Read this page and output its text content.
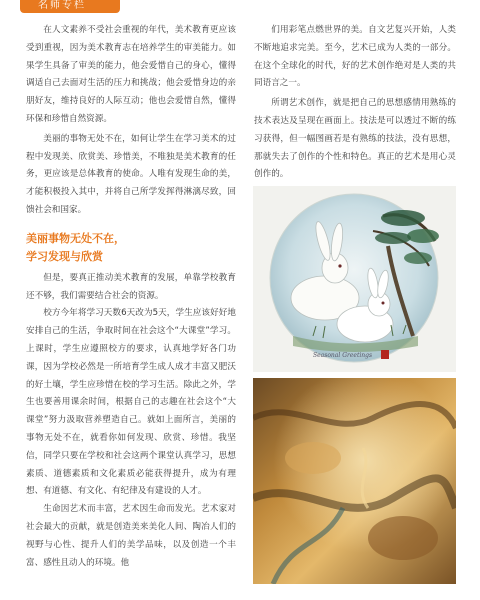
名师专栏

在人文素养不受社会重视的年代，美术教育更应该受到重视，因为美术教育志在培养学生的审美能力。如果学生具备了审美的能力，他会爱惜自己的身心，懂得调适自己去面对生活的压力和挑战；他会爱惜身边的亲朋好友，维持良好的人际互动；他也会爱惜自然，懂得环保和珍惜自然资源。

美丽的事物无处不在，如何让学生在学习美术的过程中发现美、欣赏美、珍惜美，不唯独是美术教育的任务，更应该是总体教育的使命。人唯有发现生命的美，才能积极投入其中，并将自己所学发挥得淋漓尽致，回馈社会和国家。

美丽事物无处不在，
学习发现与欣赏

但是，要真正推动美术教育的发展，单靠学校教育还不够，我们需要结合社会的资源。

校方今年将学习天数6天改为5天，学生应该好好地安排自己的生活，争取时间在社会这个“大课堂”学习。上课时，学生应遵照校方的要求，认真地学好各门功课，因为学校必然是一所培育学生成人成才丰富又肥沃的好土壤，学生应珍惜在校的学习生活。除此之外，学生也要善用课余时间，根据自己的志趣在社会这个“大课堂”努力汲取营养塑造自己。就如上面所言，美丽的事物无处不在，就看你如何发现、欣赏、珍惜。我坚信，同学只要在学校和社会这两个课堂认真学习，思想素质、道德素质和文化素质必能获得提升，成为有理想、有道德、有文化、有纪律及有建设的人才。

生命因艺术而丰富，艺术因生命而发光。艺术家对社会最大的贡献，就是创造美来美化人间、陶冶人们的视野与心性、提升人们的美学品味，以及创造一个丰富、感性且动人的环境。他

们用彩笔点燃世界的美。自文艺复兴开始，人类不断地追求完美。至今，艺术已成为人类的一部分。在这个全球化的时代，好的艺术创作绝对是人类的共同语言之一。

所谓艺术创作，就是把自己的思想感情用熟练的技术表达及呈现在画面上。技法是可以透过不断的练习获得，但一幅图画若是有熟练的技法，没有思想，那就失去了创作的个性和特色。真正的艺术是用心灵创作的。

Seasonal Greetings
